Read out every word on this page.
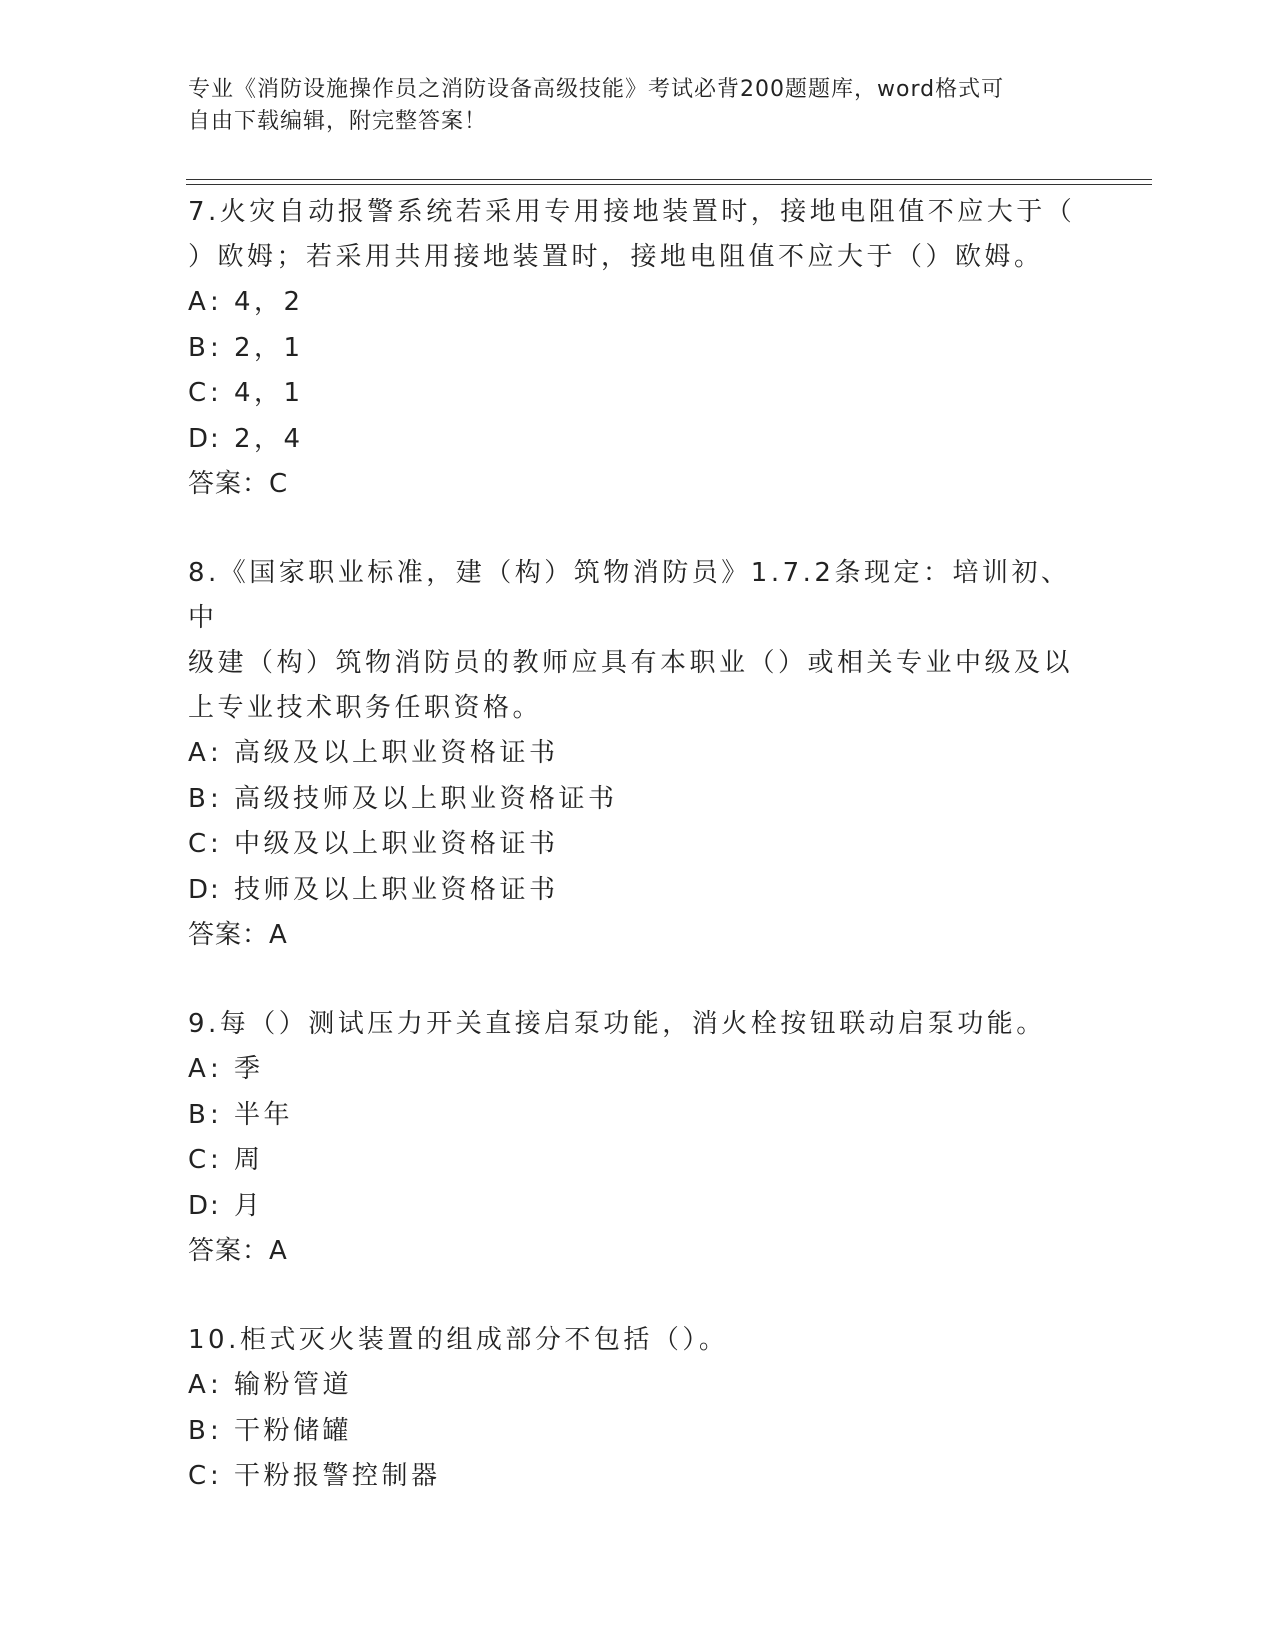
专业《消防设施操作员之消防设备高级技能》考试必背200题题库，word格式可
自由下载编辑，附完整答案！
7.火灾自动报警系统若采用专用接地装置时，接地电阻值不应大于（
）欧姆；若采用共用接地装置时，接地电阻值不应大于（）欧姆。
A: 4，2
B: 2，1
C: 4，1
D: 2，4
答案：C
8.《国家职业标准，建（构）筑物消防员》1.7.2条现定：培训初、中
级建（构）筑物消防员的教师应具有本职业（）或相关专业中级及以
上专业技术职务任职资格。
A: 高级及以上职业资格证书
B: 高级技师及以上职业资格证书
C: 中级及以上职业资格证书
D: 技师及以上职业资格证书
答案：A
9.每（）测试压力开关直接启泵功能，消火栓按钮联动启泵功能。
A: 季
B: 半年
C: 周
D: 月
答案：A
10.柜式灭火装置的组成部分不包括（）。
A: 输粉管道
B: 干粉储罐
C: 干粉报警控制器
